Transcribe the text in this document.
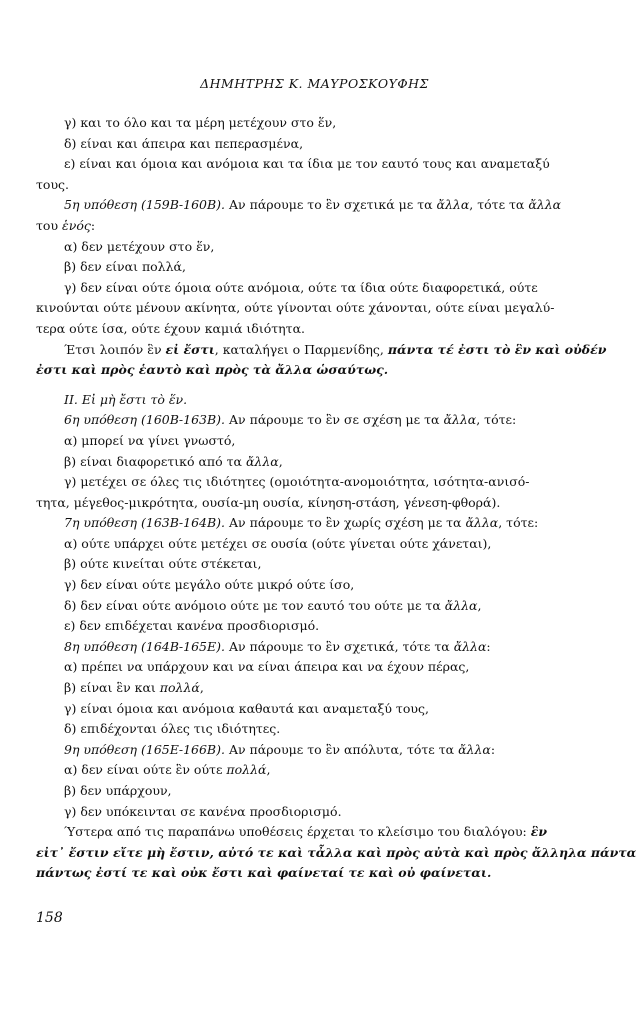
ΔΗΜΗΤΡΗΣ Κ. ΜΑΥΡΟΣΚΟΥΦΗΣ
γ) και το όλο και τα μέρη μετέχουν στο ἕν,
δ) είναι και άπειρα και πεπερασμένα,
ε) είναι και όμοια και ανόμοια και τα ίδια με τον εαυτό τους και αναμεταξύ
τους.
5η υπόθεση (159Β-160Β). Αν πάρουμε το ἓν σχετικά με τα ἄλλα, τότε τα ἄλλα
του ἑνός:
α) δεν μετέχουν στο ἕν,
β) δεν είναι πολλά,
γ) δεν είναι ούτε όμοια ούτε ανόμοια, ούτε τα ίδια ούτε διαφορετικά, ούτε
κινούνται ούτε μένουν ακίνητα, ούτε γίνονται ούτε χάνονται, ούτε είναι μεγαλύ-
τερα ούτε ίσα, ούτε έχουν καμιά ιδιότητα.
Έτσι λοιπόν ἓν εἰ ἔστι, καταλήγει ο Παρμενίδης, πάντα τέ ἐστι τὸ ἓν καὶ οὐδέν
ἐστι καὶ πρὸς ἑαυτὸ καὶ πρὸς τὰ ἄλλα ὡσαύτως.
ΙΙ. Εἰ μὴ ἔστι τὸ ἕν.
6η υπόθεση (160Β-163Β). Αν πάρουμε το ἓν σε σχέση με τα ἄλλα, τότε:
α) μπορεί να γίνει γνωστό,
β) είναι διαφορετικό από τα ἄλλα,
γ) μετέχει σε όλες τις ιδιότητες (ομοιότητα-ανομοιότητα, ισότητα-ανισό-
τητα, μέγεθος-μικρότητα, ουσία-μη ουσία, κίνηση-στάση, γένεση-φθορά).
7η υπόθεση (163Β-164Β). Αν πάρουμε το ἓν χωρίς σχέση με τα ἄλλα, τότε:
α) ούτε υπάρχει ούτε μετέχει σε ουσία (ούτε γίνεται ούτε χάνεται),
β) ούτε κινείται ούτε στέκεται,
γ) δεν είναι ούτε μεγάλο ούτε μικρό ούτε ίσο,
δ) δεν είναι ούτε ανόμοιο ούτε με τον εαυτό του ούτε με τα ἄλλα,
ε) δεν επιδέχεται κανένα προσδιορισμό.
8η υπόθεση (164Β-165Ε). Αν πάρουμε το ἓν σχετικά, τότε τα ἄλλα:
α) πρέπει να υπάρχουν και να είναι άπειρα και να έχουν πέρας,
β) είναι ἓν και πολλά,
γ) είναι όμοια και ανόμοια καθαυτά και αναμεταξύ τους,
δ) επιδέχονται όλες τις ιδιότητες.
9η υπόθεση (165Ε-166Β). Αν πάρουμε το ἓν απόλυτα, τότε τα ἄλλα:
α) δεν είναι ούτε ἓν ούτε πολλά,
β) δεν υπάρχουν,
γ) δεν υπόκεινται σε κανένα προσδιορισμό.
Ύστερα από τις παραπάνω υποθέσεις έρχεται το κλείσιμο του διαλόγου: ἓν
εἰτ᾽ ἔστιν εἴτε μὴ ἔστιν, αὐτό τε καὶ τἆλλα καὶ πρὸς αὐτὰ καὶ πρὸς ἄλληλα πάντα
πάντως ἐστί τε καὶ οὐκ ἔστι καὶ φαίνεταί τε καὶ οὐ φαίνεται.
158
